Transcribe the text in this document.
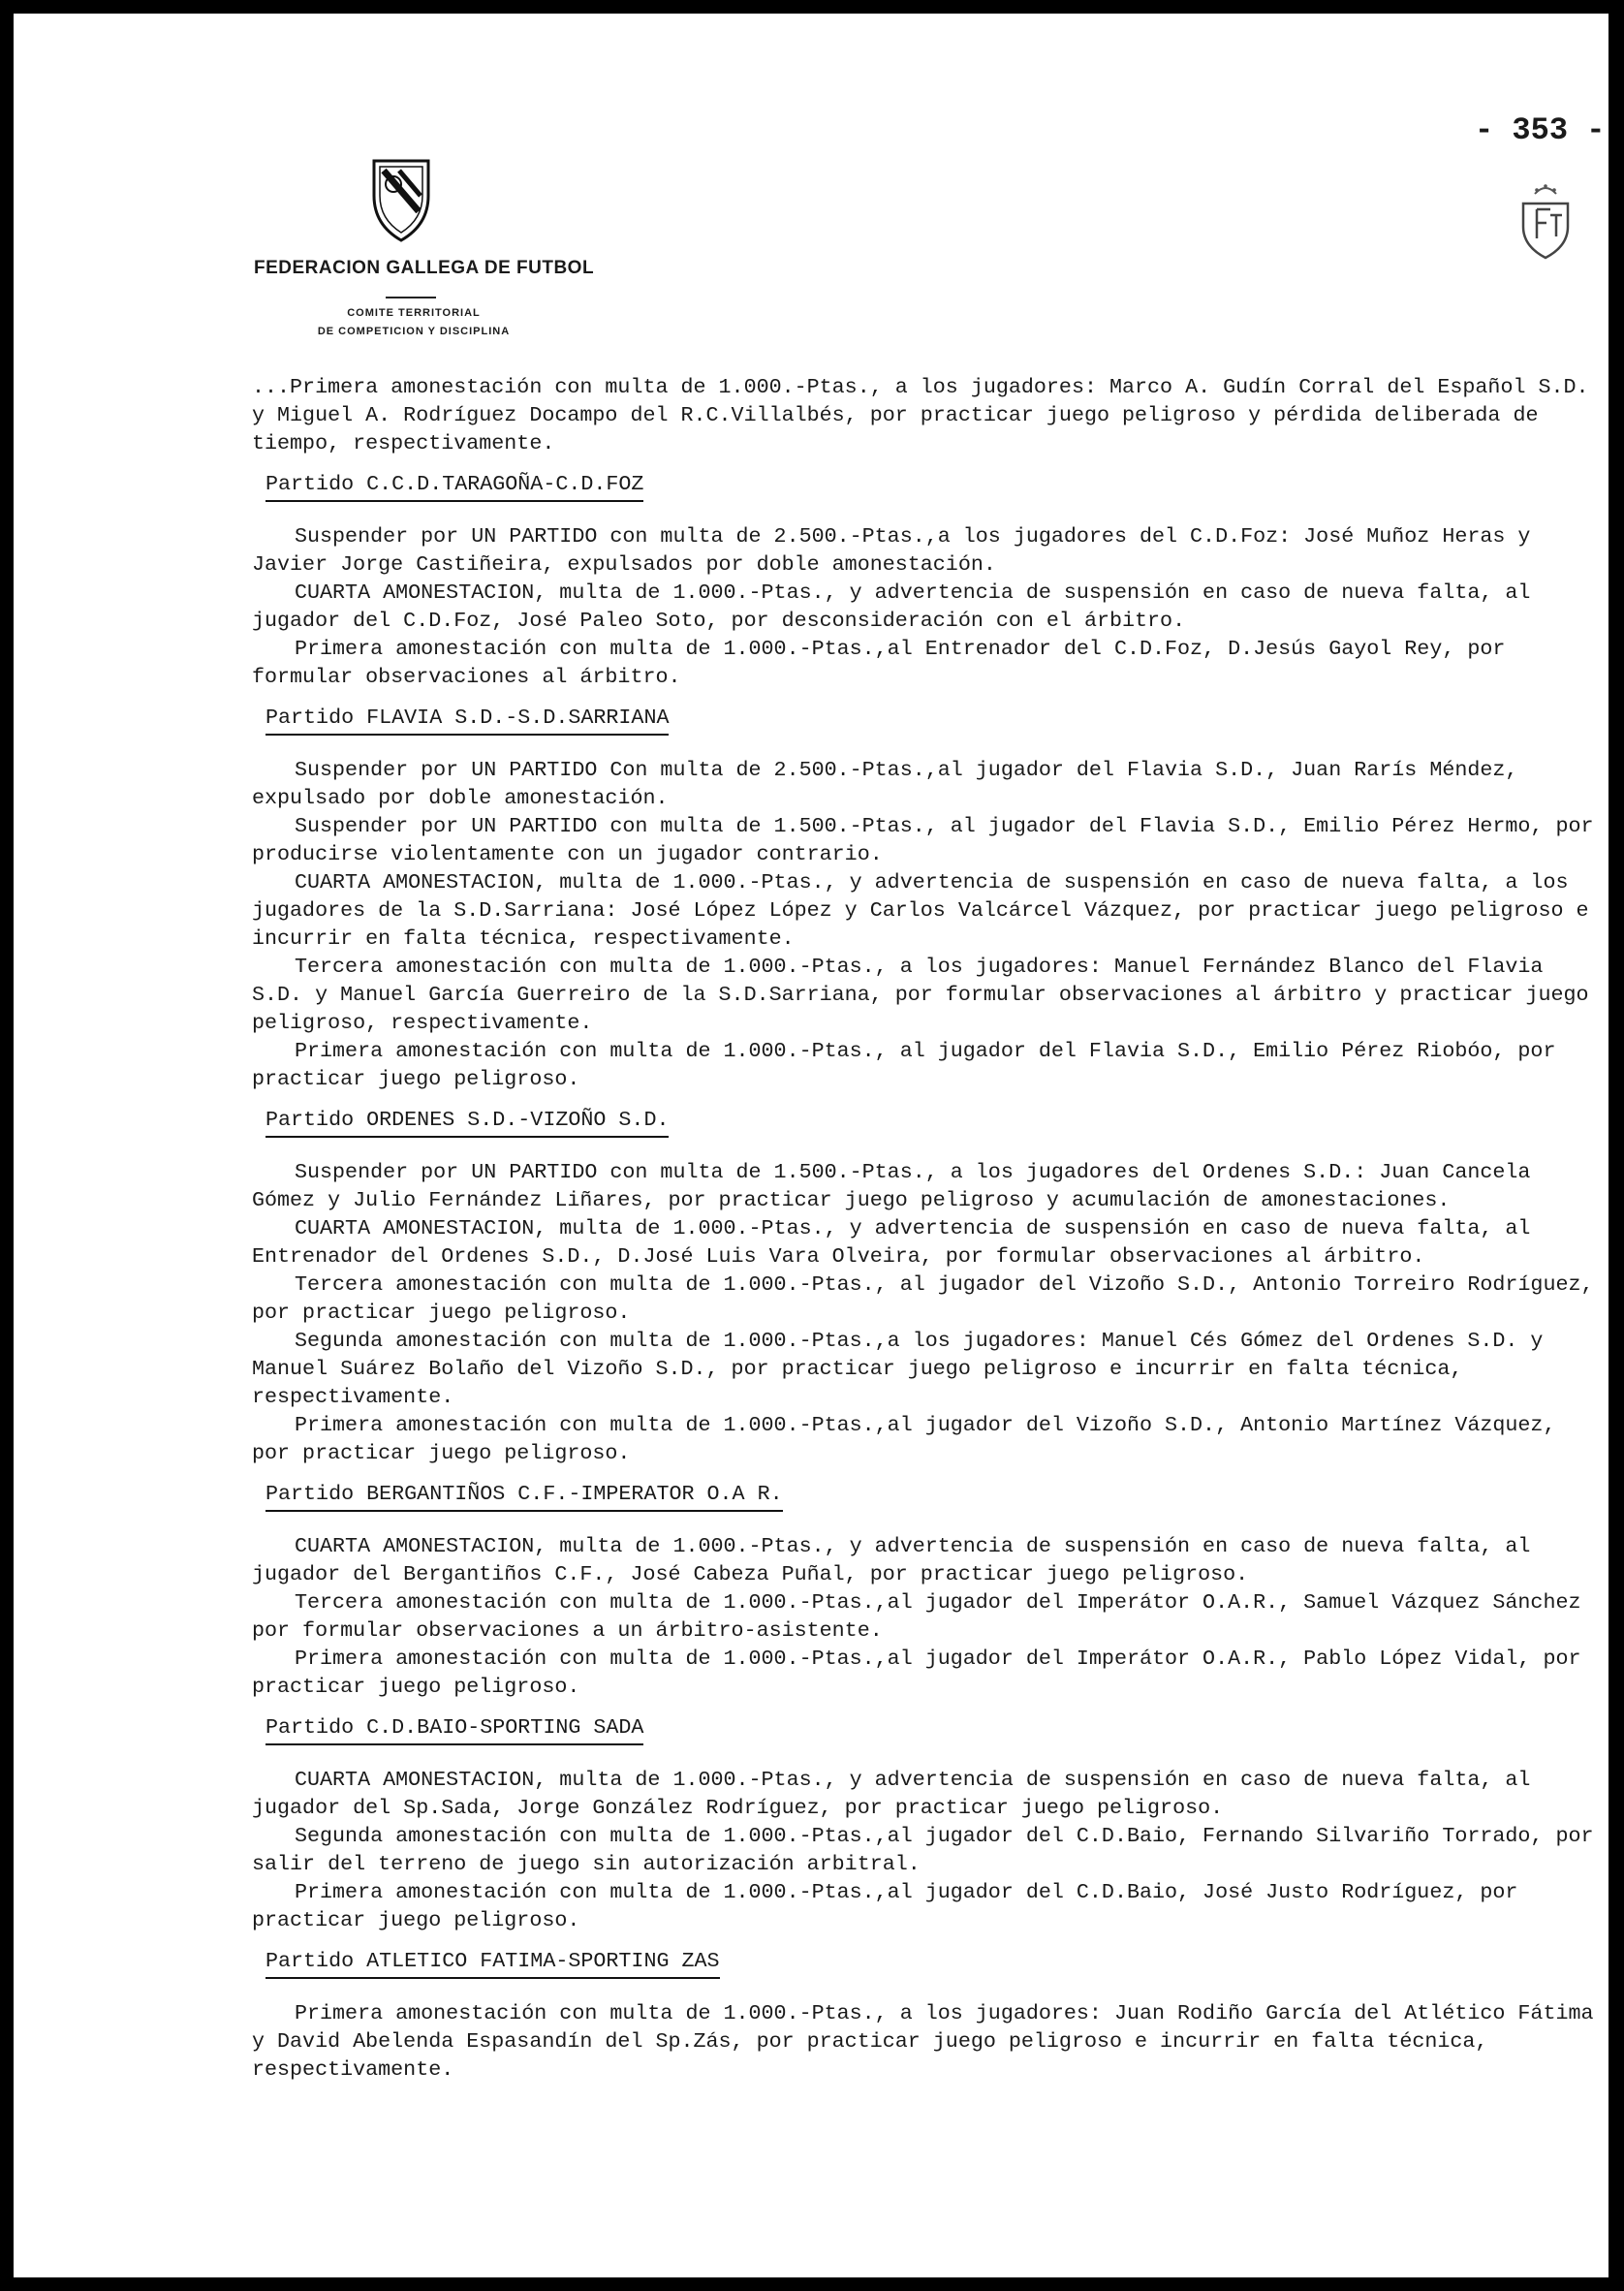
- 353 -
FEDERACION GALLEGA DE FUTBOL
COMITE TERRITORIAL
DE COMPETICION Y DISCIPLINA

...Primera amonestación con multa de 1.000.-Ptas., a los jugadores: Marco A. Gudín Corral del Español S.D. y Miguel A. Rodríguez Docampo del R.C.Villalbés, por practicar juego peligroso y pérdida deliberada de tiempo, respectivamente.

Partido C.C.D.TARAGOÑA-C.D.FOZ

Suspender por UN PARTIDO con multa de 2.500.-Ptas.,a los jugadores del C.D.Foz: José Muñoz Heras y Javier Jorge Castiñeira, expulsados por doble amonestación.

CUARTA AMONESTACION, multa de 1.000.-Ptas., y advertencia de suspensión en caso de nueva falta, al jugador del C.D.Foz, José Paleo Soto, por desconsideración con el árbitro.

Primera amonestación con multa de 1.000.-Ptas.,al Entrenador del C.D.Foz, D.Jesús Gayol Rey, por formular observaciones al árbitro.

Partido FLAVIA S.D.-S.D.SARRIANA

Suspender por UN PARTIDO Con multa de 2.500.-Ptas.,al jugador del Flavia S.D., Juan Rarís Méndez, expulsado por doble amonestación.

Suspender por UN PARTIDO con multa de 1.500.-Ptas., al jugador del Flavia S.D., Emilio Pérez Hermo, por producirse violentamente con un jugador contrario.

CUARTA AMONESTACION, multa de 1.000.-Ptas., y advertencia de suspensión en caso de nueva falta, a los jugadores de la S.D.Sarriana: José López López y Carlos Valcárcel Vázquez, por practicar juego peligroso e incurrir en falta técnica, respectivamente.

Tercera amonestación con multa de 1.000.-Ptas., a los jugadores: Manuel Fernández Blanco del Flavia S.D. y Manuel García Guerreiro de la S.D.Sarriana, por formular observaciones al árbitro y practicar juego peligroso, respectivamente.

Primera amonestación con multa de 1.000.-Ptas., al jugador del Flavia S.D., Emilio Pérez Riobóo, por practicar juego peligroso.

Partido ORDENES S.D.-VIZOÑO S.D.

Suspender por UN PARTIDO con multa de 1.500.-Ptas., a los jugadores del Ordenes S.D.: Juan Cancela Gómez y Julio Fernández Liñares, por practicar juego peligroso y acumulación de amonestaciones.

CUARTA AMONESTACION, multa de 1.000.-Ptas., y advertencia de suspensión en caso de nueva falta, al Entrenador del Ordenes S.D., D.José Luis Vara Olveira, por formular observaciones al árbitro.

Tercera amonestación con multa de 1.000.-Ptas., al jugador del Vizoño S.D., Antonio Torreiro Rodríguez, por practicar juego peligroso.

Segunda amonestación con multa de 1.000.-Ptas.,a los jugadores: Manuel Cés Gómez del Ordenes S.D. y Manuel Suárez Bolaño del Vizoño S.D., por practicar juego peligroso e incurrir en falta técnica, respectivamente.

Primera amonestación con multa de 1.000.-Ptas.,al jugador del Vizoño S.D., Antonio Martínez Vázquez, por practicar juego peligroso.

Partido BERGANTIÑOS C.F.-IMPERATOR O.A R.

CUARTA AMONESTACION, multa de 1.000.-Ptas., y advertencia de suspensión en caso de nueva falta, al jugador del Bergantiños C.F., José Cabeza Puñal, por practicar juego peligroso.

Tercera amonestación con multa de 1.000.-Ptas.,al jugador del Imperátor O.A.R., Samuel Vázquez Sánchez por formular observaciones a un árbitro-asistente.

Primera amonestación con multa de 1.000.-Ptas.,al jugador del Imperátor O.A.R., Pablo López Vidal, por practicar juego peligroso.

Partido C.D.BAIO-SPORTING SADA

CUARTA AMONESTACION, multa de 1.000.-Ptas., y advertencia de suspensión en caso de nueva falta, al jugador del Sp.Sada, Jorge González Rodríguez, por practicar juego peligroso.

Segunda amonestación con multa de 1.000.-Ptas.,al jugador del C.D.Baio, Fernando Silvariño Torrado, por salir del terreno de juego sin autorización arbitral.

Primera amonestación con multa de 1.000.-Ptas.,al jugador del C.D.Baio, José Justo Rodríguez, por practicar juego peligroso.

Partido ATLETICO FATIMA-SPORTING ZAS

Primera amonestación con multa de 1.000.-Ptas., a los jugadores: Juan Rodiño García del Atlético Fátima y David Abelenda Espasandín del Sp.Zás, por practicar juego peligroso e incurrir en falta técnica, respectivamente.
